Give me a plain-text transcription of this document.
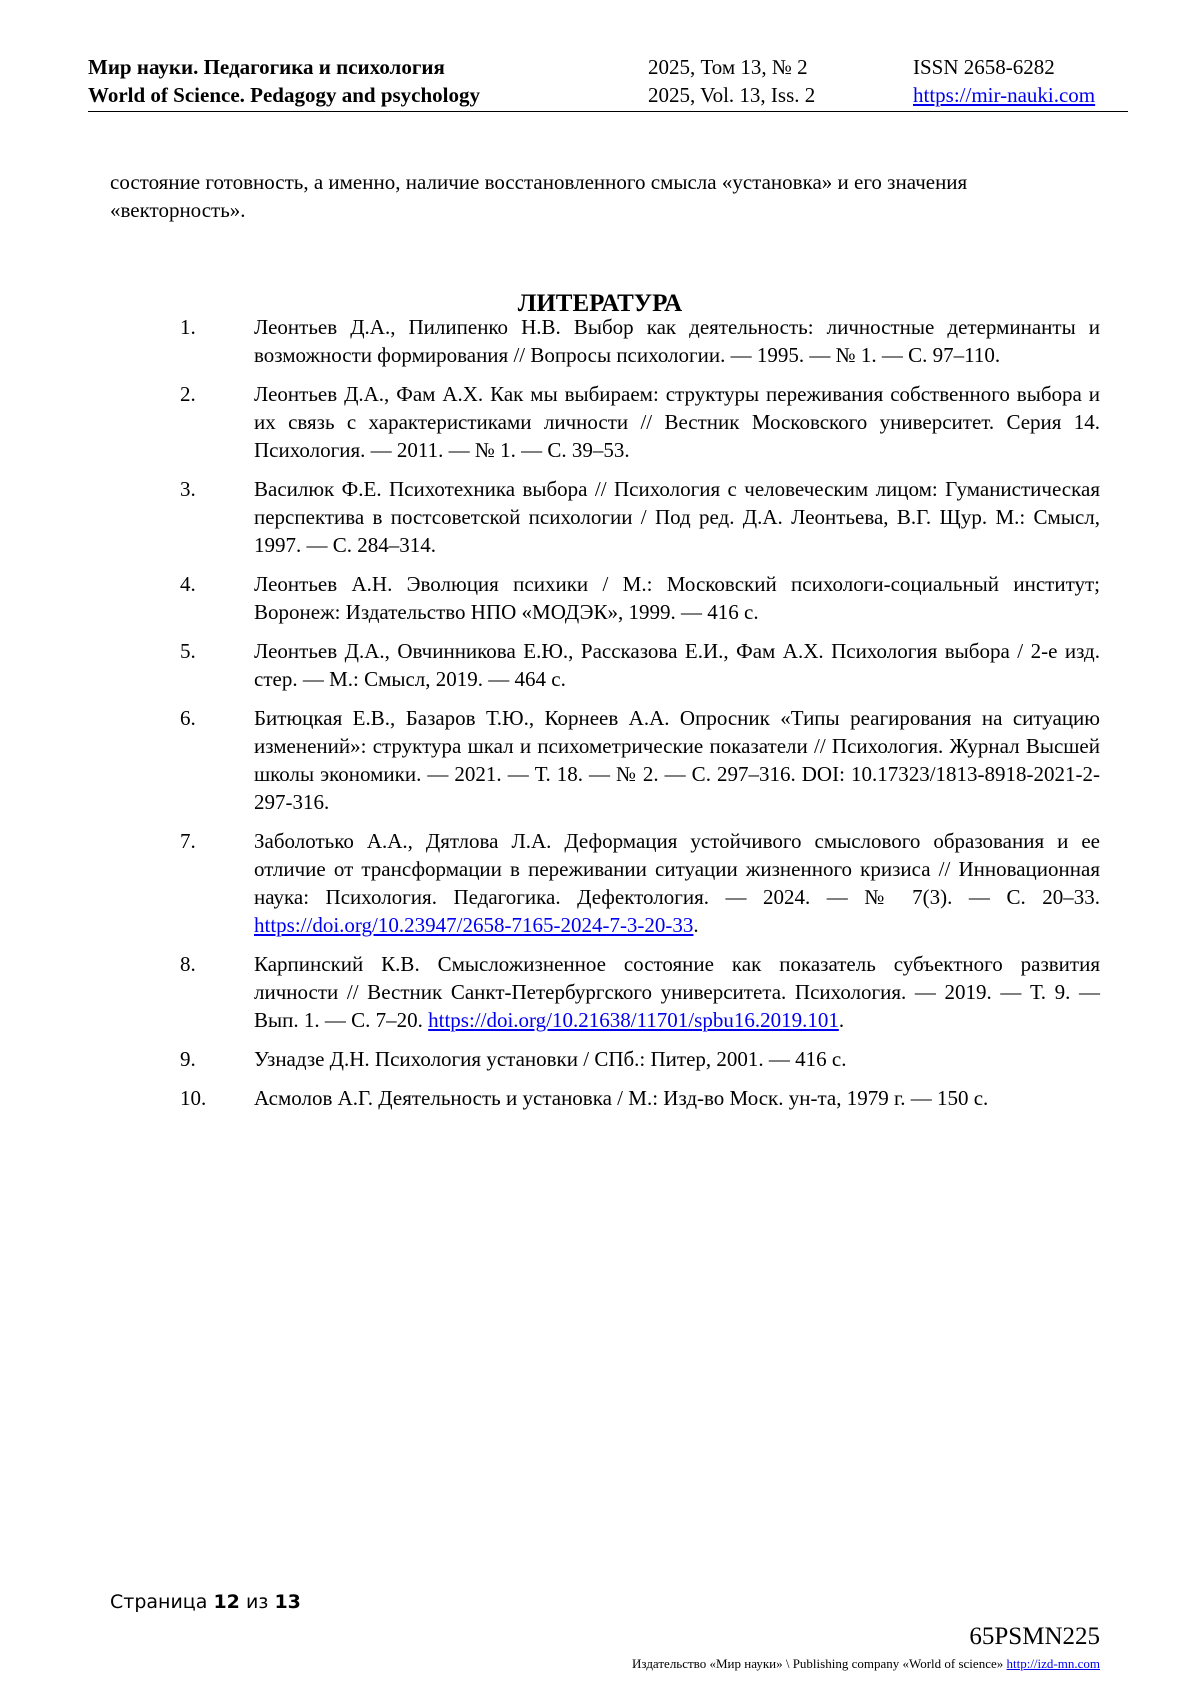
Мир науки. Педагогика и психология
World of Science. Pedagogy and psychology
2025, Том 13, № 2
2025, Vol. 13, Iss. 2
ISSN 2658-6282
https://mir-nauki.com

состояние готовность, а именно, наличие восстановленного смысла «установка» и его значения «векторность».

ЛИТЕРАТУРА
1.	Леонтьев Д.А., Пилипенко Н.В. Выбор как деятельность: личностные детерминанты и возможности формирования // Вопросы психологии. — 1995. — № 1. — С. 97–110.
2.	Леонтьев Д.А., Фам А.Х. Как мы выбираем: структуры переживания собственного выбора и их связь с характеристиками личности // Вестник Московского университет. Серия 14. Психология. — 2011. — № 1. — С. 39–53.
3.	Василюк Ф.Е. Психотехника выбора // Психология с человеческим лицом: Гуманистическая перспектива в постсоветской психологии / Под ред. Д.А. Леонтьева, В.Г. Щур. М.: Смысл, 1997. — С. 284–314.
4.	Леонтьев А.Н. Эволюция психики / М.: Московский психологи-социальный институт; Воронеж: Издательство НПО «МОДЭК», 1999. — 416 с.
5.	Леонтьев Д.А., Овчинникова Е.Ю., Рассказова Е.И., Фам А.Х. Психология выбора / 2-е изд. стер. — М.: Смысл, 2019. — 464 с.
6.	Битюцкая Е.В., Базаров Т.Ю., Корнеев А.А. Опросник «Типы реагирования на ситуацию изменений»: структура шкал и психометрические показатели // Психология. Журнал Высшей школы экономики. — 2021. — Т. 18. — № 2. — С. 297–316. DOI: 10.17323/1813-8918-2021-2-297-316.
7.	Заболотько А.А., Дятлова Л.А. Деформация устойчивого смыслового образования и ее отличие от трансформации в переживании ситуации жизненного кризиса // Инновационная наука: Психология. Педагогика. Дефектология. — 2024. — № 7(3). — С. 20–33. https://doi.org/10.23947/2658-7165-2024-7-3-20-33.
8.	Карпинский К.В. Смысложизненное состояние как показатель субъектного развития личности // Вестник Санкт-Петербургского университета. Психология. — 2019. — Т. 9. — Вып. 1. — С. 7–20. https://doi.org/10.21638/11701/spbu16.2019.101.
9.	Узнадзе Д.Н. Психология установки / СПб.: Питер, 2001. — 416 с.
10. Асмолов А.Г. Деятельность и установка / М.: Изд-во Моск. ун-та, 1979 г. — 150 с.
Страница 12 из 13
65PSMN225
Издательство «Мир науки» \ Publishing company «World of science» http://izd-mn.com
